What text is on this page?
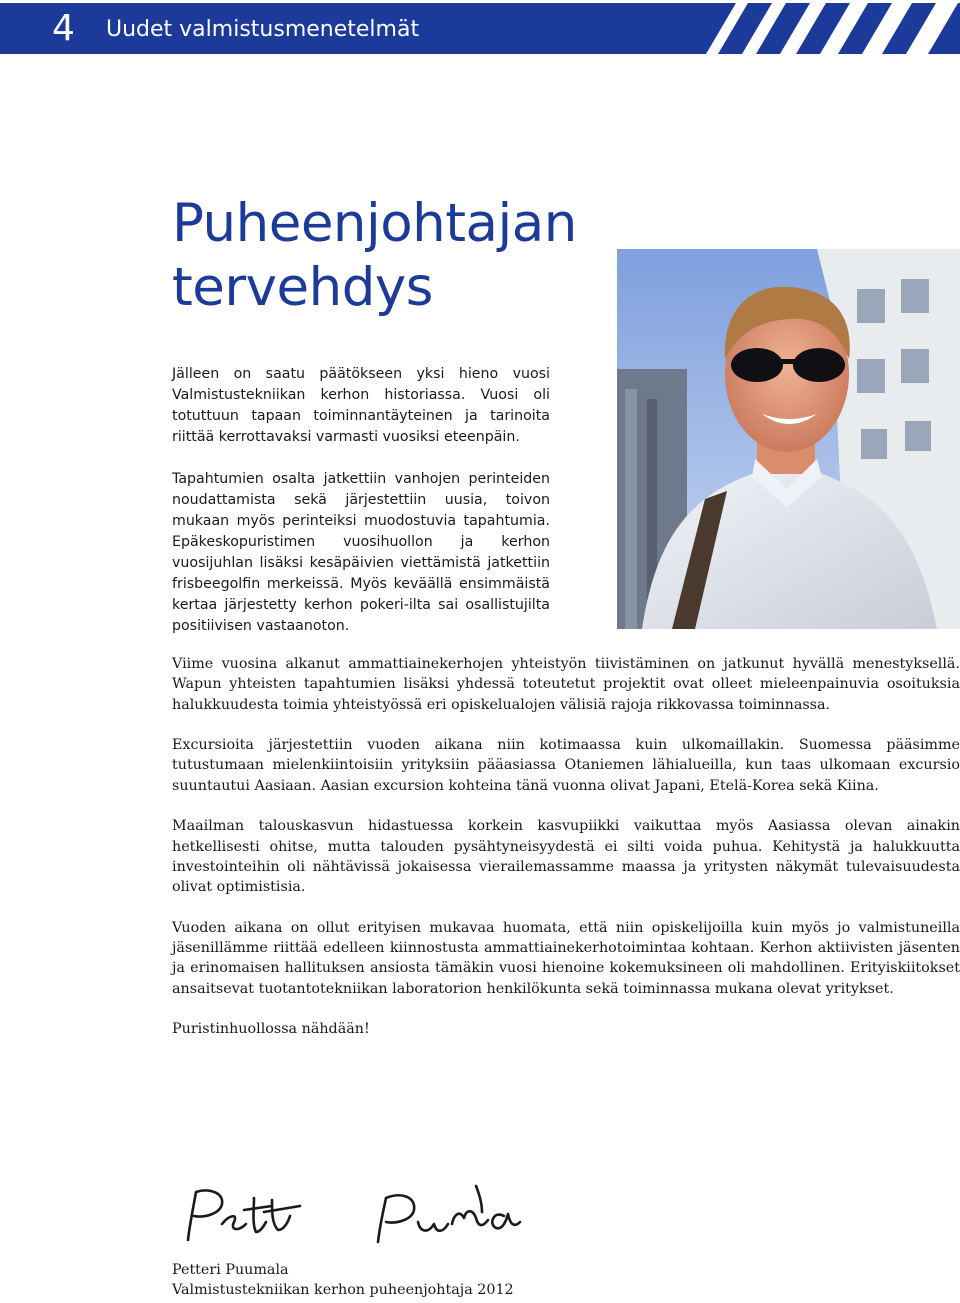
4 Uudet valmistusmenetelmät
Puheenjohtajan
tervehdys

Jälleen on saatu päätökseen yksi hieno vuosi Valmistustekniikan kerhon historiassa. Vuosi oli totuttuun tapaan toiminnantäyteinen ja tarinoita riittää kerrottavaksi varmasti vuosiksi eteenpäin.

Tapahtumien osalta jatkettiin vanhojen perinteiden noudattamista sekä järjestettiin uusia, toivon mukaan myös perinteiksi muodostuvia tapahtumia. Epäkeskopuristimen vuosihuollon ja kerhon vuosijuhlan lisäksi kesäpäivien viettämistä jatkettiin frisbeegolfin merkeissä. Myös keväällä ensimmäistä kertaa järjestetty kerhon pokeri-ilta sai osallistujilta positiivisen vastaanoton.

Viime vuosina alkanut ammattiainekerhojen yhteistyön tiivistäminen on jatkunut hyvällä menestyksellä. Wapun yhteisten tapahtumien lisäksi yhdessä toteutetut projektit ovat olleet mieleenpainuvia osoituksia halukkuudesta toimia yhteistyössä eri opiskelualojen välisiä rajoja rikkovassa toiminnassa.

Excursioita järjestettiin vuoden aikana niin kotimaassa kuin ulkomaillakin. Suomessa pääsimme tutustumaan mielenkiintoisiin yrityksiin pääasiassa Otaniemen lähialueilla, kun taas ulkomaan excursio suuntautui Aasiaan. Aasian excursion kohteina tänä vuonna olivat Japani, Etelä-Korea sekä Kiina.

Maailman talouskasvun hidastuessa korkein kasvupiikki vaikuttaa myös Aasiassa olevan ainakin hetkellisesti ohitse, mutta talouden pysähtyneisyydestä ei silti voida puhua. Kehitystä ja halukkuutta investointeihin oli nähtävissä jokaisessa vierailemassamme maassa ja yritysten näkymät tulevaisuudesta olivat optimistisia.

Vuoden aikana on ollut erityisen mukavaa huomata, että niin opiskelijoilla kuin myös jo valmistuneilla jäsenillämme riittää edelleen kiinnostusta ammattiainekerhotoimintaa kohtaan. Kerhon aktiivisten jäsenten ja erinomaisen hallituksen ansiosta tämäkin vuosi hienoine kokemuksineen oli mahdollinen. Erityiskiitokset ansaitsevat tuotantotekniikan laboratorion henkilökunta sekä toiminnassa mukana olevat yritykset.

Puristinhuollossa nähdään!

Petteri Puumala
Valmistustekniikan kerhon puheenjohtaja 2012
